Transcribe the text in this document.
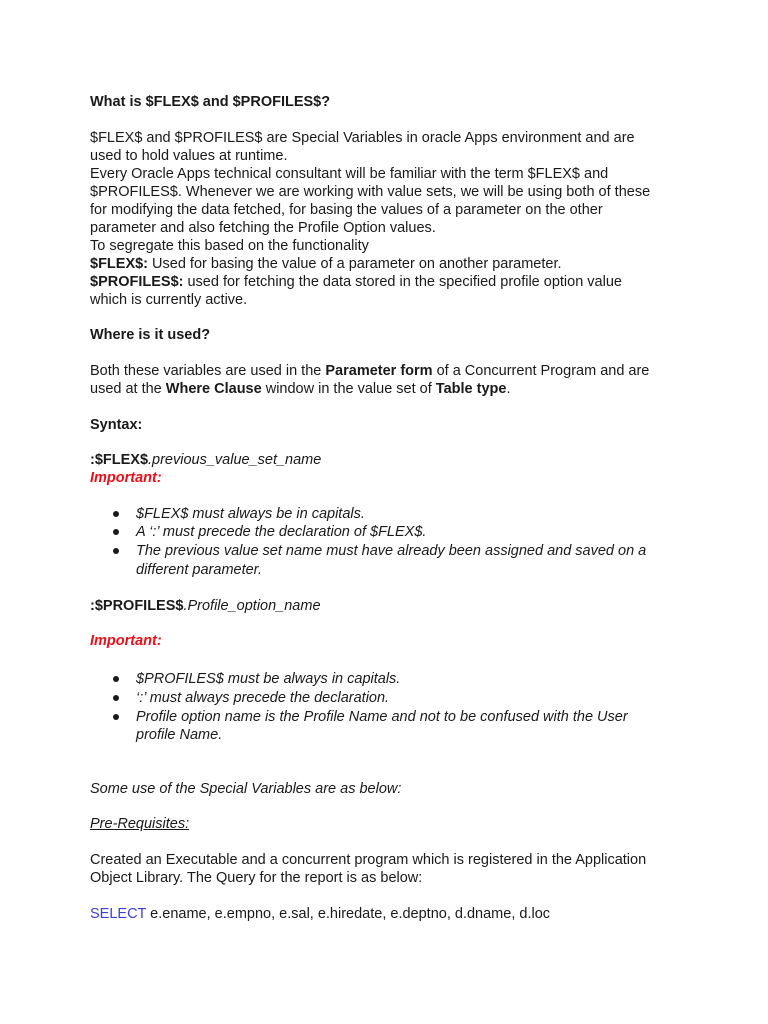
What is $FLEX$ and $PROFILES$?
$FLEX$ and $PROFILES$ are Special Variables in oracle Apps environment and are
used to hold values at runtime.
Every Oracle Apps technical consultant will be familiar with the term $FLEX$ and
$PROFILES$. Whenever we are working with value sets, we will be using both of these
for modifying the data fetched, for basing the values of a parameter on the other
parameter and also fetching the Profile Option values.
To segregate this based on the functionality
$FLEX$: Used for basing the value of a parameter on another parameter.
$PROFILES$: used for fetching the data stored in the specified profile option value
which is currently active.
Where is it used?
Both these variables are used in the Parameter form of a Concurrent Program and are
used at the Where Clause window in the value set of Table type.
Syntax:
:$FLEX$.previous_value_set_name
Important:
$FLEX$ must always be in capitals.
A ‘:’ must precede the declaration of $FLEX$.
The previous value set name must have already been assigned and saved on a
different parameter.
:$PROFILES$.Profile_option_name
Important:
$PROFILES$ must be always in capitals.
‘:’ must always precede the declaration.
Profile option name is the Profile Name and not to be confused with the User
profile Name.
Some use of the Special Variables are as below:
Pre-Requisites:
Created an Executable and a concurrent program which is registered in the Application
Object Library. The Query for the report is as below:
SELECT e.ename, e.empno, e.sal, e.hiredate, e.deptno, d.dname, d.loc
